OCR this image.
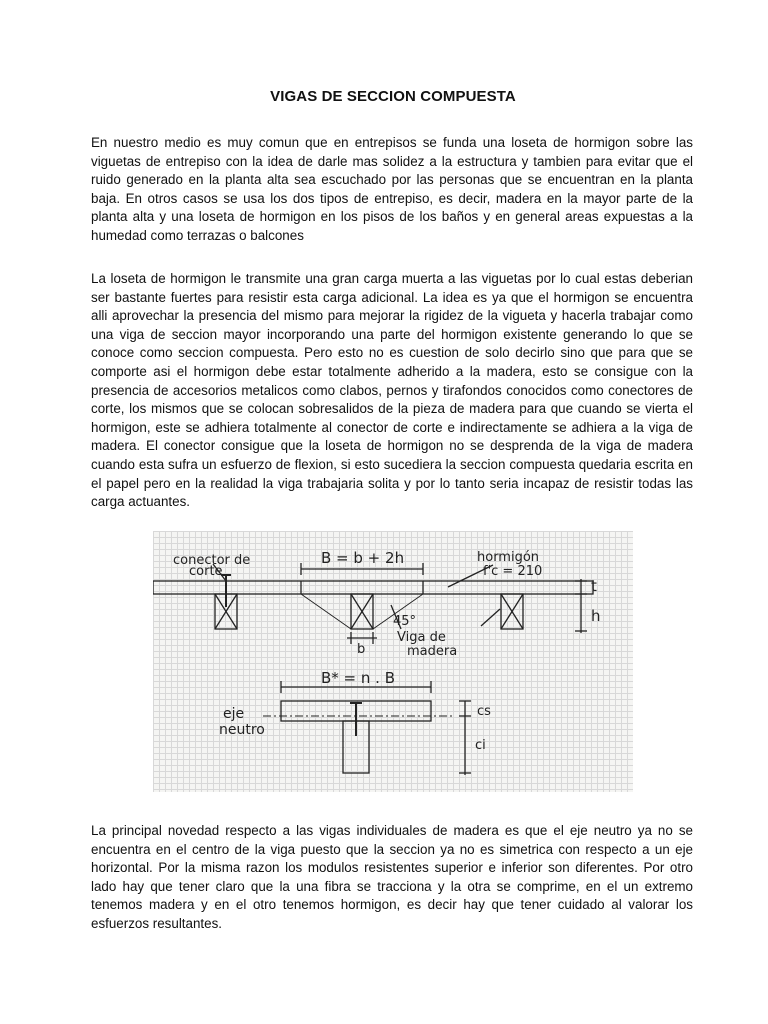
VIGAS DE SECCION COMPUESTA

En nuestro medio es muy comun que en entrepisos se funda una loseta de hormigon sobre las viguetas de entrepiso con la idea de darle mas solidez a la estructura y tambien para evitar que el ruido generado en la planta alta sea escuchado por las personas que se encuentran en la planta baja. En otros casos se usa los dos tipos de entrepiso, es decir, madera en la mayor parte de la planta alta y una loseta de hormigon en los pisos de los baños y en general areas expuestas a la humedad como terrazas o balcones

La loseta de hormigon le transmite una gran carga muerta a las viguetas por lo cual estas deberian ser bastante fuertes para resistir esta carga adicional. La idea es ya que el hormigon se encuentra alli aprovechar la presencia del mismo para mejorar la rigidez de la vigueta y hacerla trabajar como una viga de seccion mayor incorporando una parte del hormigon existente generando lo que se conoce como seccion compuesta. Pero esto no es cuestion de solo decirlo sino que para que se comporte asi el hormigon debe estar totalmente adherido a la madera, esto se consigue con la presencia de accesorios metalicos como clabos, pernos y tirafondos conocidos como conectores de corte, los mismos que se colocan sobresalidos de la pieza de madera para que cuando se vierta el hormigon, este se adhiera totalmente al conector de corte e indirectamente se adhiera a la viga de madera. El conector consigue que la loseta de hormigon no se desprenda de la viga de madera cuando esta sufra un esfuerzo de flexion, si esto sucediera la seccion compuesta quedaria escrita en el papel pero en la realidad la viga trabajaria solita y por lo tanto seria incapaz de resistir todas las carga actuantes.

conector de
corte
B = b + 2h	hormigón
f'c = 210
t
h
45°
b
Viga de
madera
B* = n . B
eje
neutro
cs
ci

La principal novedad respecto a las vigas individuales de madera es que el eje neutro ya no se encuentra en el centro de la viga puesto que la seccion ya no es simetrica con respecto a un eje horizontal. Por la misma razon los modulos resistentes superior e inferior son diferentes. Por otro lado hay que tener claro que la una fibra se tracciona y la otra se comprime, en el un extremo tenemos madera y en el otro tenemos hormigon, es decir hay que tener cuidado al valorar los esfuerzos resultantes.
